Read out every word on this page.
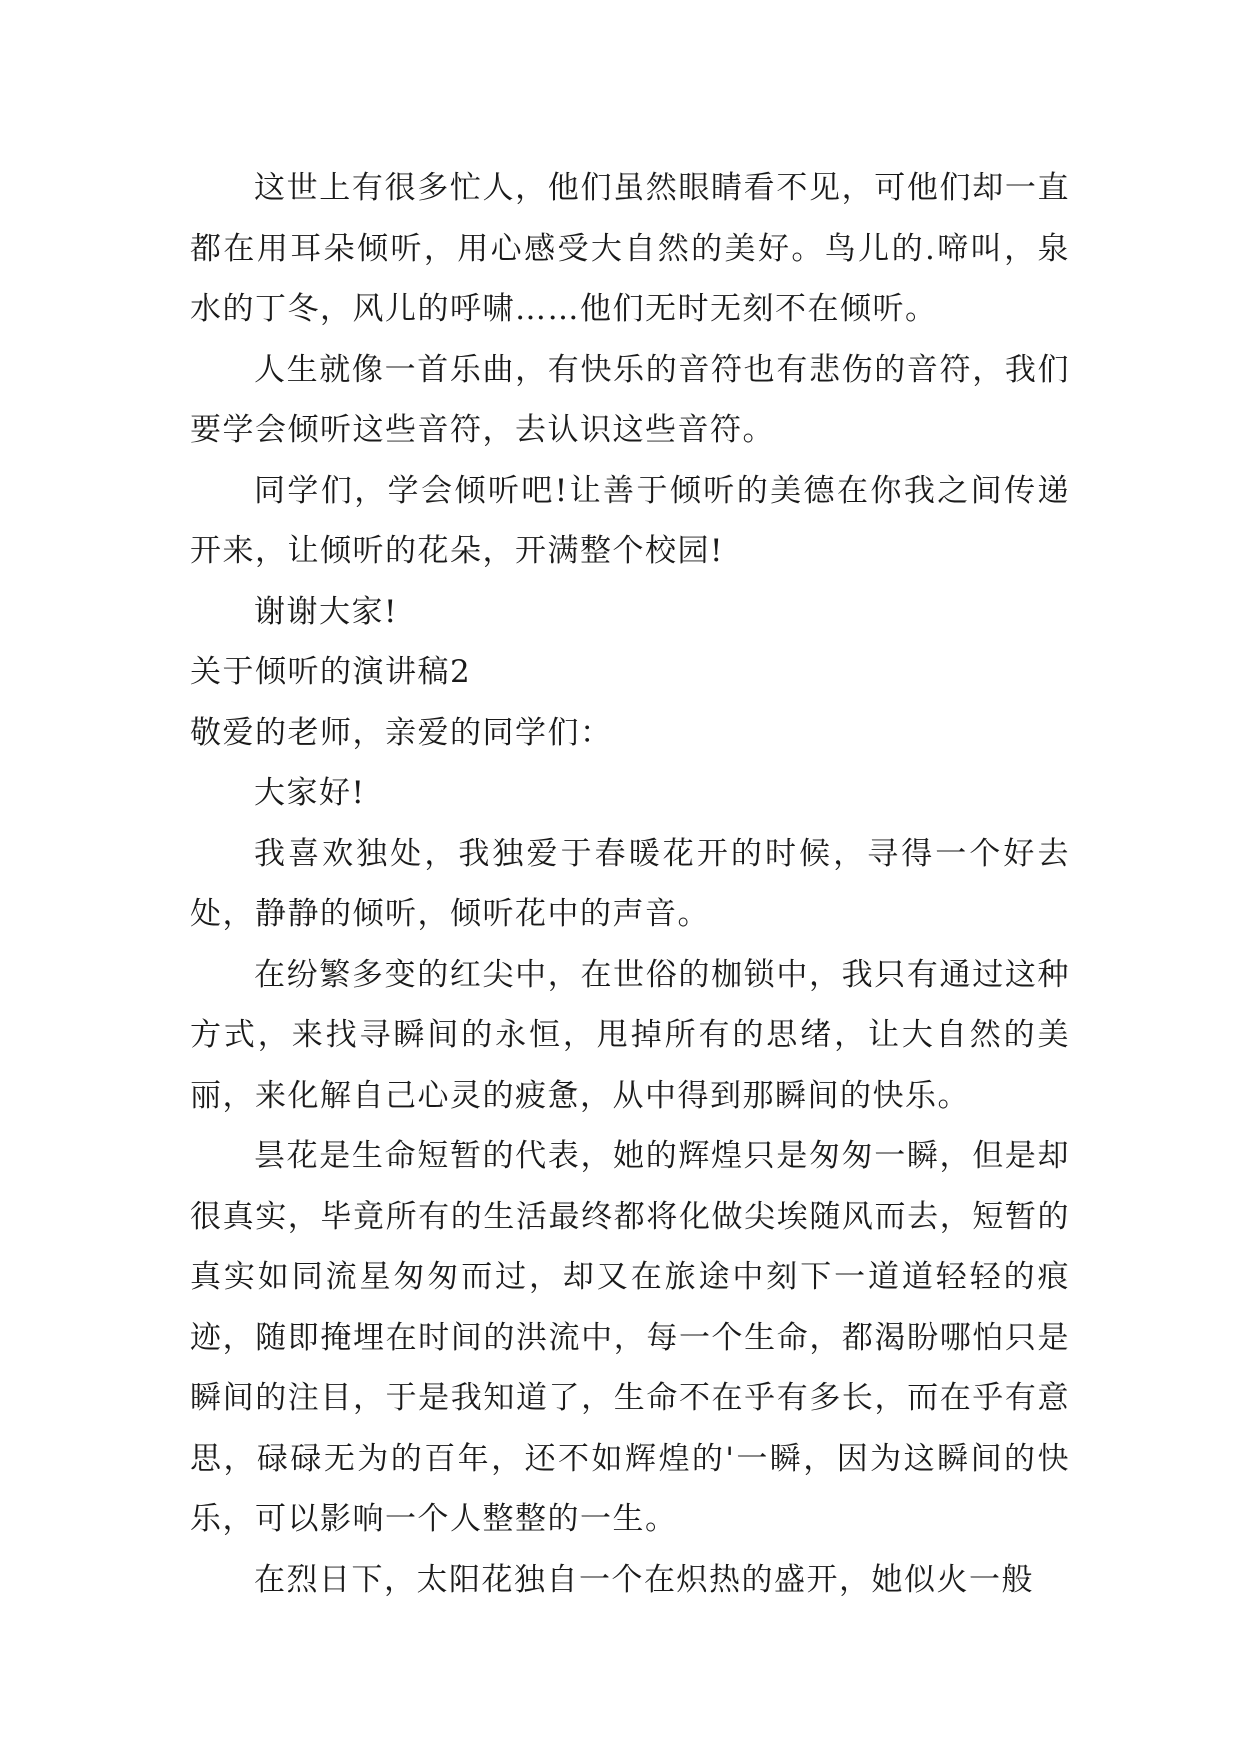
这世上有很多忙人，他们虽然眼睛看不见，可他们却一直都在用耳朵倾听，用心感受大自然的美好。鸟儿的.啼叫，泉水的丁冬，风儿的呼啸……他们无时无刻不在倾听。

人生就像一首乐曲，有快乐的音符也有悲伤的音符，我们要学会倾听这些音符，去认识这些音符。

同学们，学会倾听吧!让善于倾听的美德在你我之间传递开来，让倾听的花朵，开满整个校园!

谢谢大家!

关于倾听的演讲稿2

敬爱的老师，亲爱的同学们：

大家好!

我喜欢独处，我独爱于春暖花开的时候，寻得一个好去处，静静的倾听，倾听花中的声音。

在纷繁多变的红尖中，在世俗的枷锁中，我只有通过这种方式，来找寻瞬间的永恒，甩掉所有的思绪，让大自然的美丽，来化解自己心灵的疲惫，从中得到那瞬间的快乐。

昙花是生命短暂的代表，她的辉煌只是匆匆一瞬，但是却很真实，毕竟所有的生活最终都将化做尖埃随风而去，短暂的真实如同流星匆匆而过，却又在旅途中刻下一道道轻轻的痕迹，随即掩埋在时间的洪流中，每一个生命，都渴盼哪怕只是瞬间的注目，于是我知道了，生命不在乎有多长，而在乎有意思，碌碌无为的百年，还不如辉煌的'一瞬，因为这瞬间的快乐，可以影响一个人整整的一生。

在烈日下，太阳花独自一个在炽热的盛开，她似火一般
